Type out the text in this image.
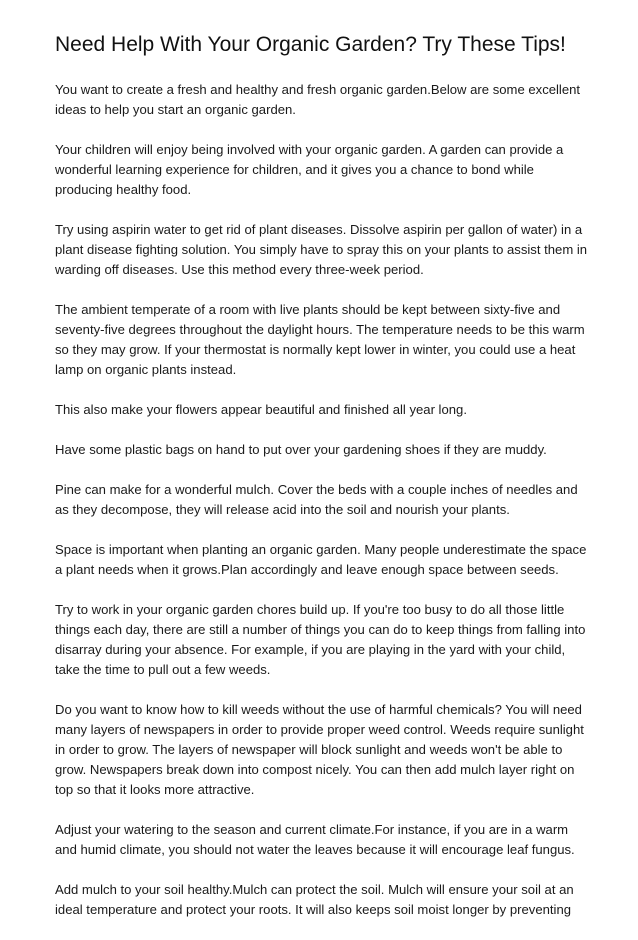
Need Help With Your Organic Garden? Try These Tips!

You want to create a fresh and healthy and fresh organic garden.Below are some excellent ideas to help you start an organic garden.

Your children will enjoy being involved with your organic garden. A garden can provide a wonderful learning experience for children, and it gives you a chance to bond while producing healthy food.

Try using aspirin water to get rid of plant diseases. Dissolve aspirin per gallon of water) in a plant disease fighting solution. You simply have to spray this on your plants to assist them in warding off diseases. Use this method every three-week period.

The ambient temperate of a room with live plants should be kept between sixty-five and seventy-five degrees throughout the daylight hours. The temperature needs to be this warm so they may grow. If your thermostat is normally kept lower in winter, you could use a heat lamp on organic plants instead.

This also make your flowers appear beautiful and finished all year long.

Have some plastic bags on hand to put over your gardening shoes if they are muddy.

Pine can make for a wonderful mulch. Cover the beds with a couple inches of needles and as they decompose, they will release acid into the soil and nourish your plants.

Space is important when planting an organic garden. Many people underestimate the space a plant needs when it grows.Plan accordingly and leave enough space between seeds.

Try to work in your organic garden chores build up. If you're too busy to do all those little things each day, there are still a number of things you can do to keep things from falling into disarray during your absence. For example, if you are playing in the yard with your child, take the time to pull out a few weeds.

Do you want to know how to kill weeds without the use of harmful chemicals? You will need many layers of newspapers in order to provide proper weed control. Weeds require sunlight in order to grow. The layers of newspaper will block sunlight and weeds won't be able to grow. Newspapers break down into compost nicely. You can then add mulch layer right on top so that it looks more attractive.

Adjust your watering to the season and current climate.For instance, if you are in a warm and humid climate, you should not water the leaves because it will encourage leaf fungus.

Add mulch to your soil healthy.Mulch can protect the soil. Mulch will ensure your soil at an ideal temperature and protect your roots. It will also keeps soil moist longer by preventing
